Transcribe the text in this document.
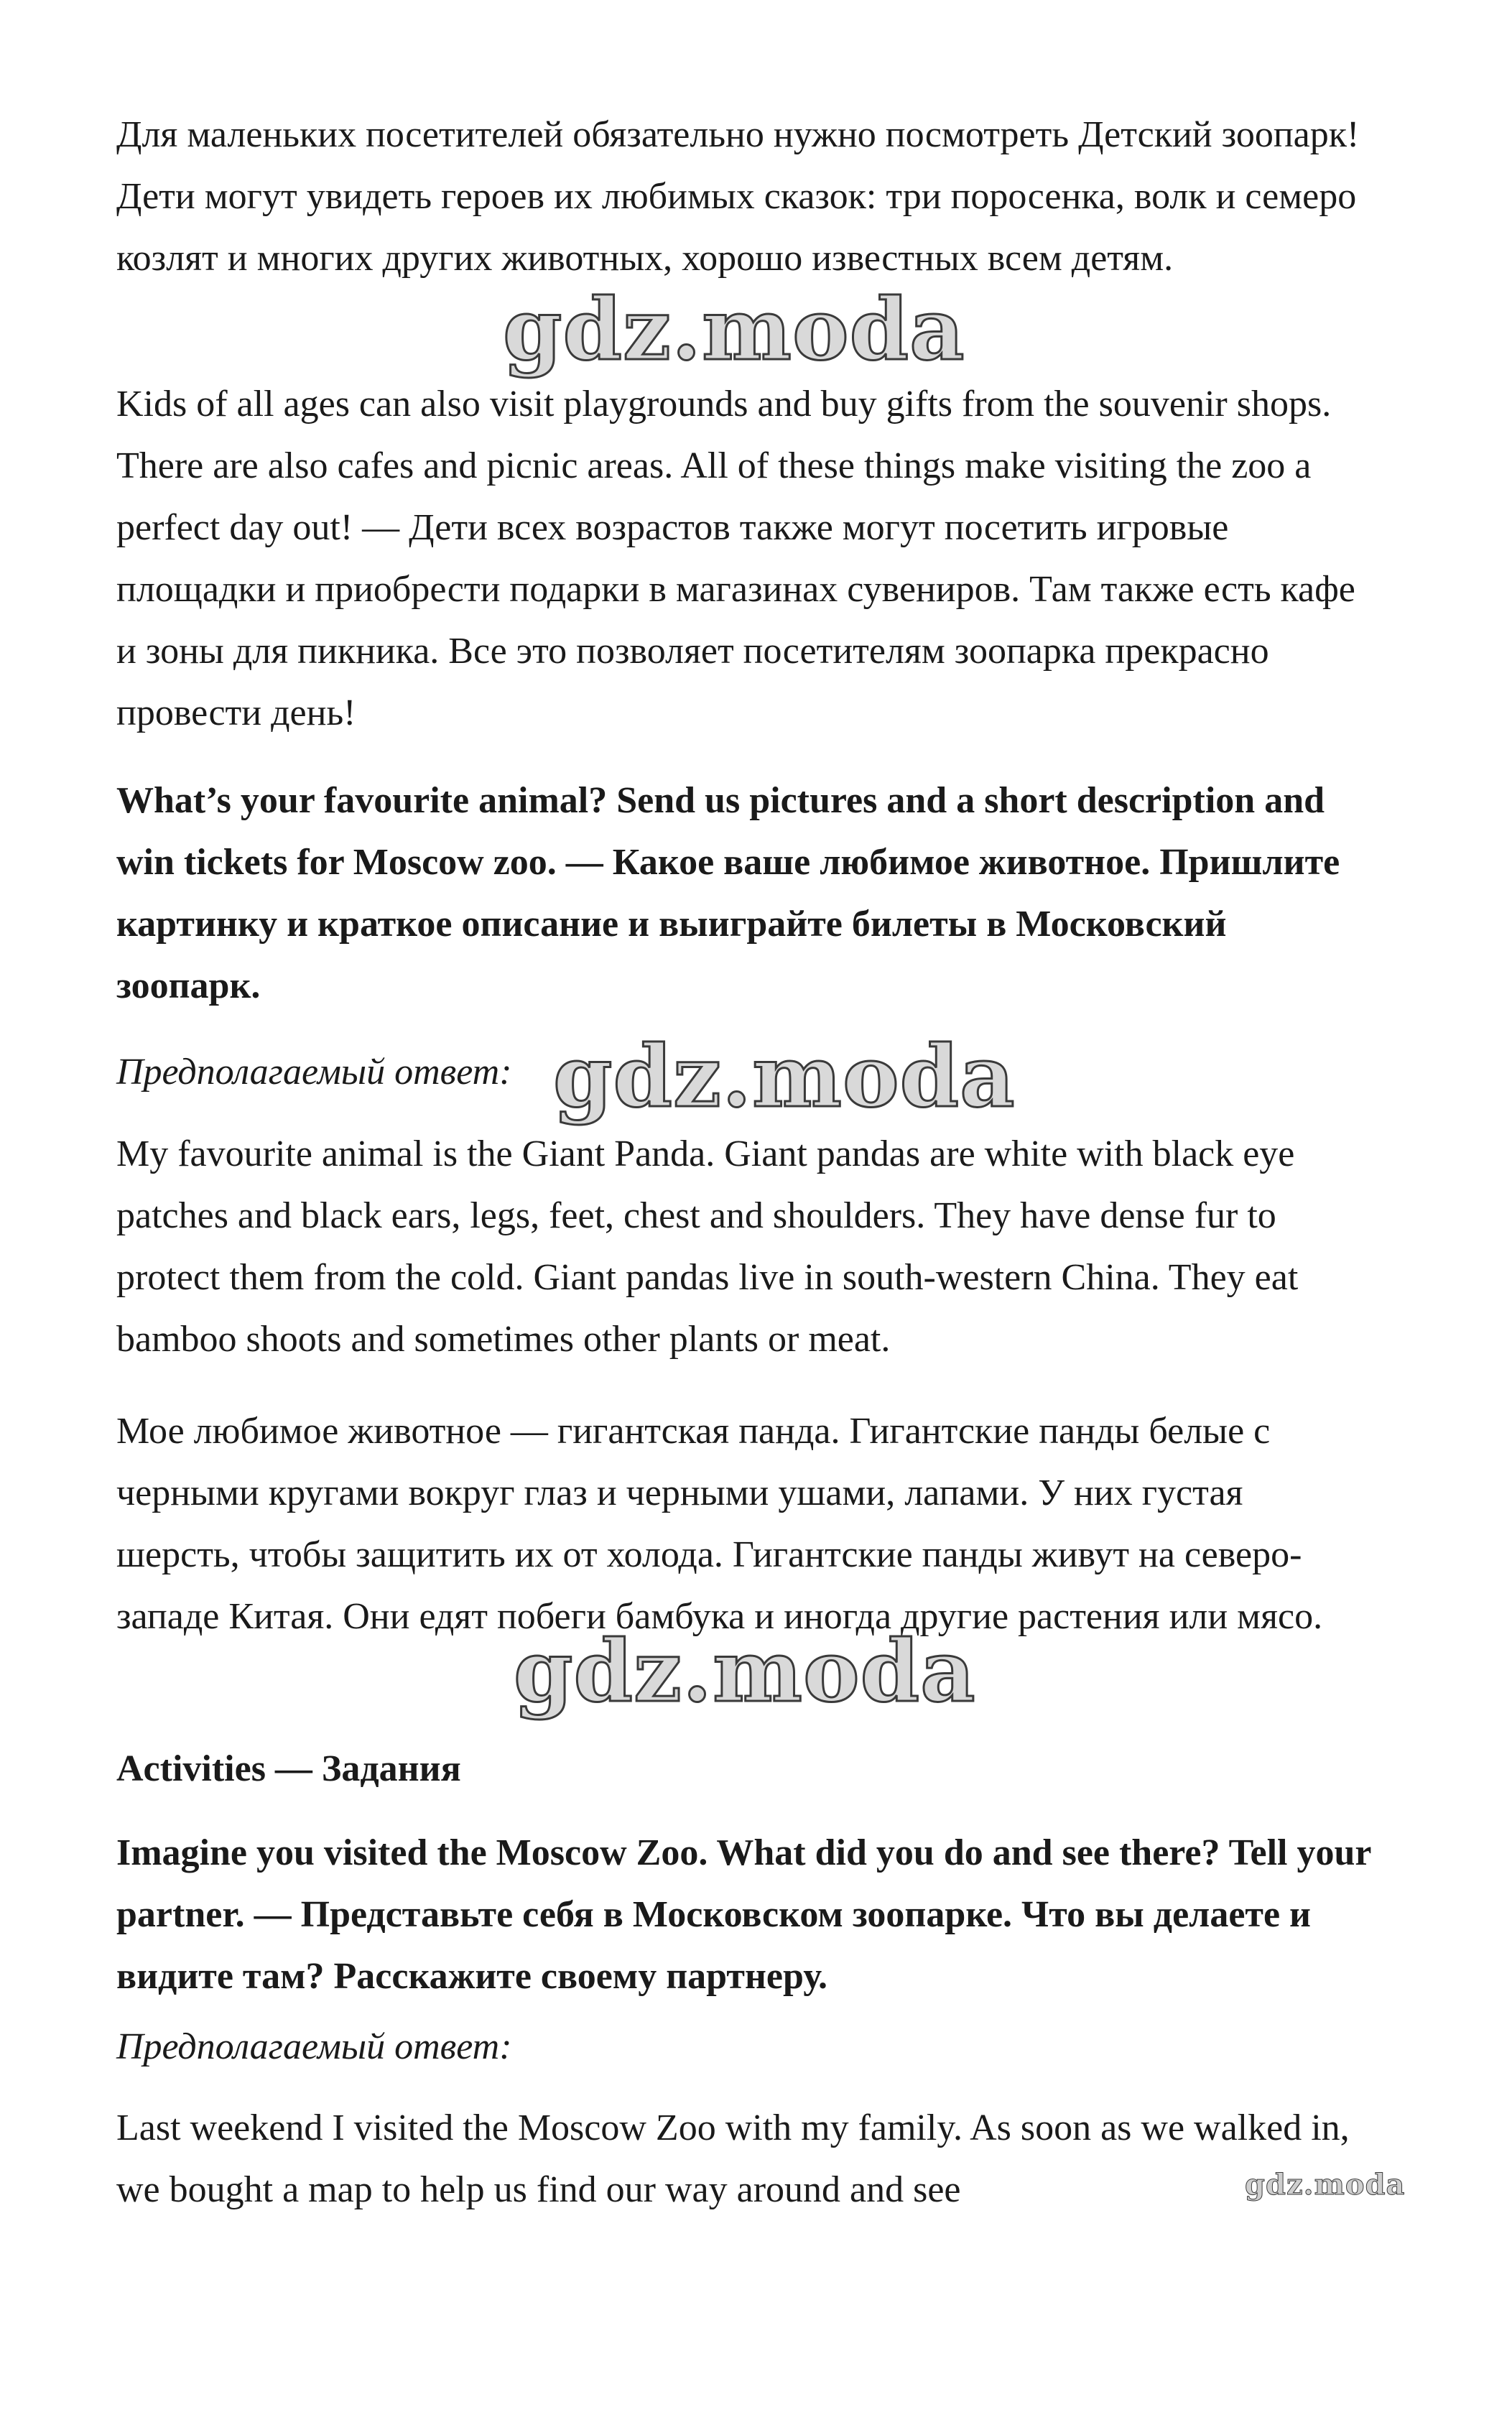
Для маленьких посетителей обязательно нужно посмотреть Детский зоопарк! Дети могут увидеть героев их любимых сказок: три поросенка, волк и семеро козлят и многих других животных, хорошо известных всем детям.

Kids of all ages can also visit playgrounds and buy gifts from the souvenir shops. There are also cafes and picnic areas. All of these things make visiting the zoo a perfect day out! — Дети всех возрастов также могут посетить игровые площадки и приобрести подарки в магазинах сувениров. Там также есть кафе и зоны для пикника. Все это позволяет посетителям зоопарка прекрасно провести день!

What’s your favourite animal? Send us pictures and a short description and win tickets for Moscow zoo. — Какое ваше любимое животное. Пришлите картинку и краткое описание и выиграйте билеты в Московский зоопарк.

Предполагаемый ответ:

My favourite animal is the Giant Panda. Giant pandas are white with black eye patches and black ears, legs, feet, chest and shoulders. They have dense fur to protect them from the cold. Giant pandas live in south-western China. They eat bamboo shoots and sometimes other plants or meat.

Мое любимое животное — гигантская панда. Гигантские панды белые с черными кругами вокруг глаз и черными ушами, лапами. У них густая шерсть, чтобы защитить их от холода. Гигантские панды живут на северо-западе Китая. Они едят побеги бамбука и иногда другие растения или мясо.

Activities — Задания

Imagine you visited the Moscow Zoo. What did you do and see there? Tell your partner. — Представьте себя в Московском зоопарке. Что вы делаете и видите там? Расскажите своему партнеру.

Предполагаемый ответ:

Last weekend I visited the Moscow Zoo with my family. As soon as we walked in, we bought a map to help us find our way around and see

gdz.moda
gdz.moda
gdz.moda
gdz.moda
